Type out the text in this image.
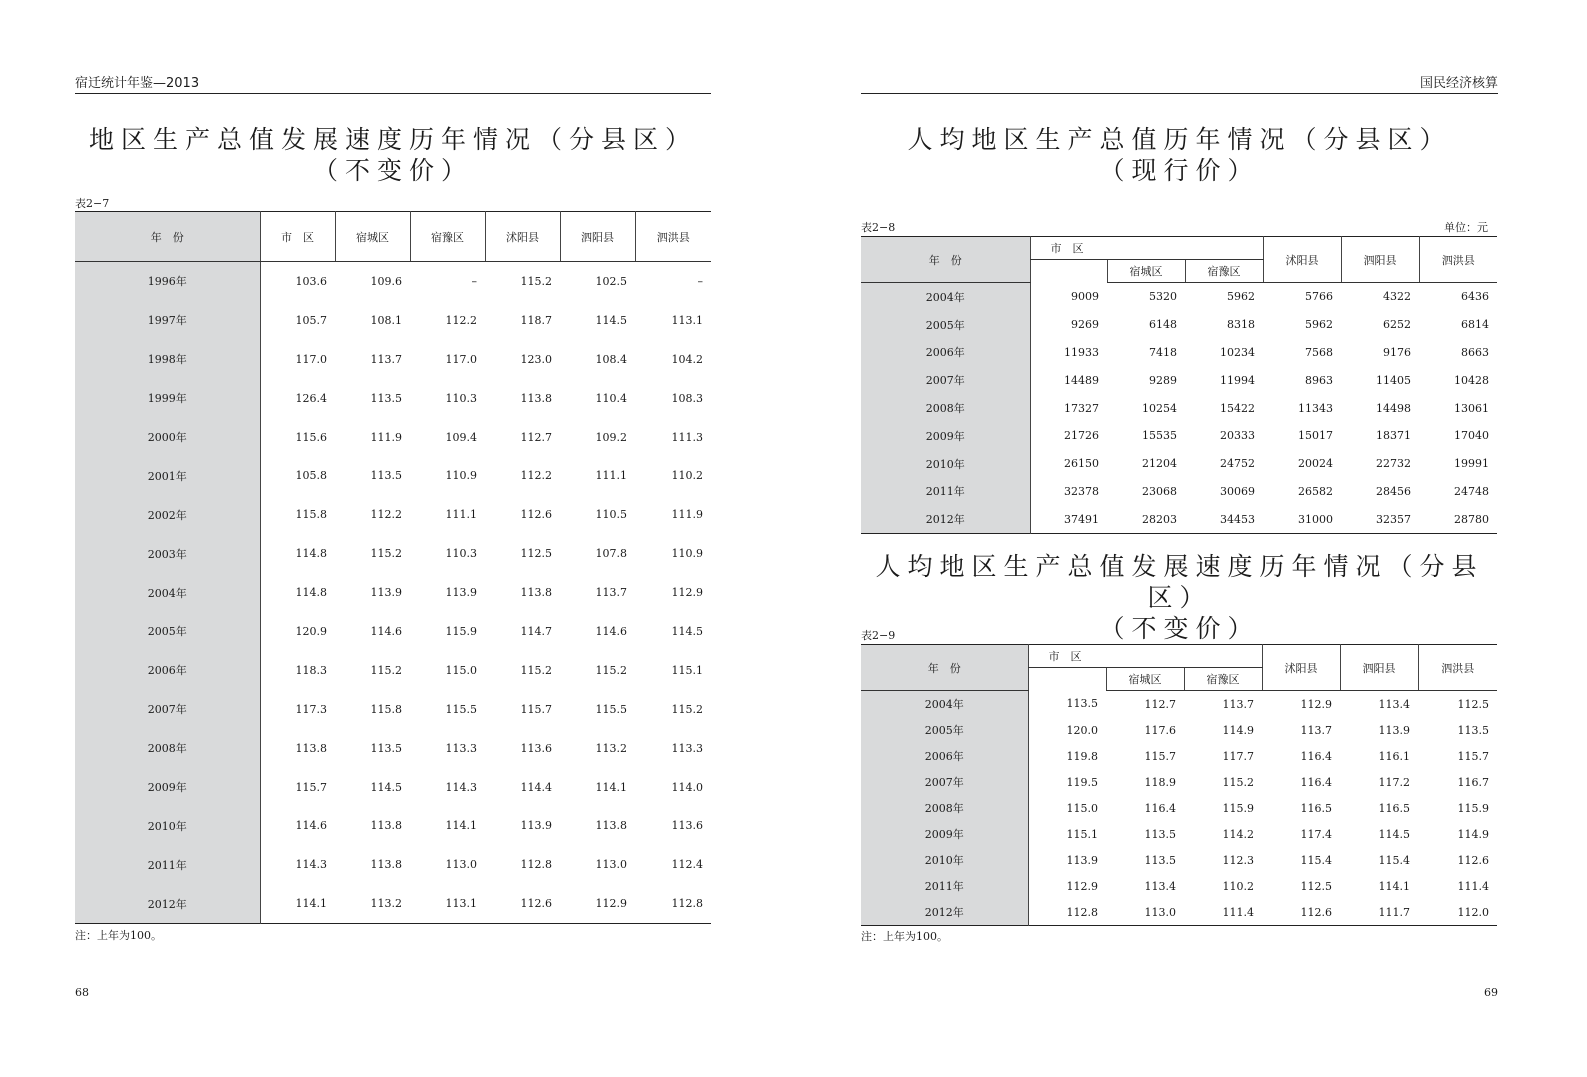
宿迁统计年鉴—2013
地区生产总值发展速度历年情况（分县区）
（不变价）
表2−7
年　份	市　区	宿城区	宿豫区	沭阳县	泗阳县	泗洪县
1996年	103.6	109.6	–	115.2	102.5	–
1997年	105.7	108.1	112.2	118.7	114.5	113.1
1998年	117.0	113.7	117.0	123.0	108.4	104.2
1999年	126.4	113.5	110.3	113.8	110.4	108.3
2000年	115.6	111.9	109.4	112.7	109.2	111.3
2001年	105.8	113.5	110.9	112.2	111.1	110.2
2002年	115.8	112.2	111.1	112.6	110.5	111.9
2003年	114.8	115.2	110.3	112.5	107.8	110.9
2004年	114.8	113.9	113.9	113.8	113.7	112.9
2005年	120.9	114.6	115.9	114.7	114.6	114.5
2006年	118.3	115.2	115.0	115.2	115.2	115.1
2007年	117.3	115.8	115.5	115.7	115.5	115.2
2008年	113.8	113.5	113.3	113.6	113.2	113.3
2009年	115.7	114.5	114.3	114.4	114.1	114.0
2010年	114.6	113.8	114.1	113.9	113.8	113.6
2011年	114.3	113.8	113.0	112.8	113.0	112.4
2012年	114.1	113.2	113.1	112.6	112.9	112.8
注：上年为100。
68
国民经济核算
人均地区生产总值历年情况（分县区）
（现行价）
表2−8	单位：元
年　份	市　区			沭阳县	泗阳县	泗洪县
		宿城区	宿豫区			
2004年	9009	5320	5962	5766	4322	6436
2005年	9269	6148	8318	5962	6252	6814
2006年	11933	7418	10234	7568	9176	8663
2007年	14489	9289	11994	8963	11405	10428
2008年	17327	10254	15422	11343	14498	13061
2009年	21726	15535	20333	15017	18371	17040
2010年	26150	21204	24752	20024	22732	19991
2011年	32378	23068	30069	26582	28456	24748
2012年	37491	28203	34453	31000	32357	28780
人均地区生产总值发展速度历年情况（分县区）
（不变价）
表2−9
年　份	市　区			沭阳县	泗阳县	泗洪县
		宿城区	宿豫区			
2004年	113.5	112.7	113.7	112.9	113.4	112.5
2005年	120.0	117.6	114.9	113.7	113.9	113.5
2006年	119.8	115.7	117.7	116.4	116.1	115.7
2007年	119.5	118.9	115.2	116.4	117.2	116.7
2008年	115.0	116.4	115.9	116.5	116.5	115.9
2009年	115.1	113.5	114.2	117.4	114.5	114.9
2010年	113.9	113.5	112.3	115.4	115.4	112.6
2011年	112.9	113.4	110.2	112.5	114.1	111.4
2012年	112.8	113.0	111.4	112.6	111.7	112.0
注：上年为100。
69
